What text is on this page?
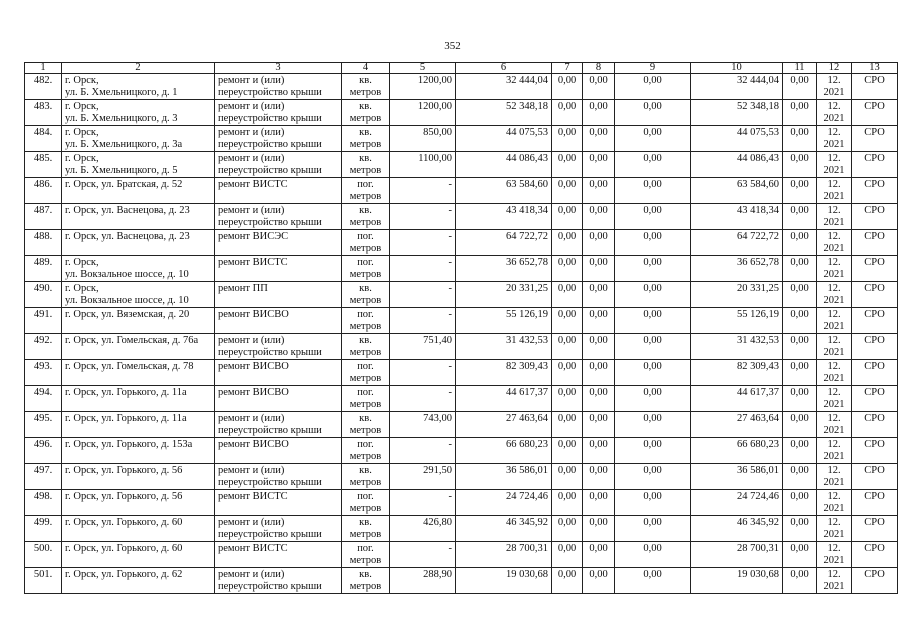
352
1	2	3	4	5	6	7	8	9	10	11	12	13
482.	г. Орск,
ул. Б. Хмельницкого, д. 1	ремонт и (или)
переустройство крыши	кв.
метров	1200,00	32 444,04	0,00	0,00	0,00	32 444,04	0,00	12.
2021	СРО
483.	г. Орск,
ул. Б. Хмельницкого, д. 3	ремонт и (или)
переустройство крыши	кв.
метров	1200,00	52 348,18	0,00	0,00	0,00	52 348,18	0,00	12.
2021	СРО
484.	г. Орск,
ул. Б. Хмельницкого, д. 3а	ремонт и (или)
переустройство крыши	кв.
метров	850,00	44 075,53	0,00	0,00	0,00	44 075,53	0,00	12.
2021	СРО
485.	г. Орск,
ул. Б. Хмельницкого, д. 5	ремонт и (или)
переустройство крыши	кв.
метров	1100,00	44 086,43	0,00	0,00	0,00	44 086,43	0,00	12.
2021	СРО
486.	г. Орск, ул. Братская, д. 52	ремонт ВИСТС	пог.
метров	-	63 584,60	0,00	0,00	0,00	63 584,60	0,00	12.
2021	СРО
487.	г. Орск, ул. Васнецова, д. 23	ремонт и (или)
переустройство крыши	кв.
метров	-	43 418,34	0,00	0,00	0,00	43 418,34	0,00	12.
2021	СРО
488.	г. Орск, ул. Васнецова, д. 23	ремонт ВИСЭС	пог.
метров	-	64 722,72	0,00	0,00	0,00	64 722,72	0,00	12.
2021	СРО
489.	г. Орск,
ул. Вокзальное шоссе, д. 10	ремонт ВИСТС	пог.
метров	-	36 652,78	0,00	0,00	0,00	36 652,78	0,00	12.
2021	СРО
490.	г. Орск,
ул. Вокзальное шоссе, д. 10	ремонт ПП	кв.
метров	-	20 331,25	0,00	0,00	0,00	20 331,25	0,00	12.
2021	СРО
491.	г. Орск, ул. Вяземская, д. 20	ремонт ВИСВО	пог.
метров	-	55 126,19	0,00	0,00	0,00	55 126,19	0,00	12.
2021	СРО
492.	г. Орск, ул. Гомельская, д. 76а	ремонт и (или)
переустройство крыши	кв.
метров	751,40	31 432,53	0,00	0,00	0,00	31 432,53	0,00	12.
2021	СРО
493.	г. Орск, ул. Гомельская, д. 78	ремонт ВИСВО	пог.
метров	-	82 309,43	0,00	0,00	0,00	82 309,43	0,00	12.
2021	СРО
494.	г. Орск, ул. Горького, д. 11а	ремонт ВИСВО	пог.
метров	-	44 617,37	0,00	0,00	0,00	44 617,37	0,00	12.
2021	СРО
495.	г. Орск, ул. Горького, д. 11а	ремонт и (или)
переустройство крыши	кв.
метров	743,00	27 463,64	0,00	0,00	0,00	27 463,64	0,00	12.
2021	СРО
496.	г. Орск, ул. Горького, д. 153а	ремонт ВИСВО	пог.
метров	-	66 680,23	0,00	0,00	0,00	66 680,23	0,00	12.
2021	СРО
497.	г. Орск, ул. Горького, д. 56	ремонт и (или)
переустройство крыши	кв.
метров	291,50	36 586,01	0,00	0,00	0,00	36 586,01	0,00	12.
2021	СРО
498.	г. Орск, ул. Горького, д. 56	ремонт ВИСТС	пог.
метров	-	24 724,46	0,00	0,00	0,00	24 724,46	0,00	12.
2021	СРО
499.	г. Орск, ул. Горького, д. 60	ремонт и (или)
переустройство крыши	кв.
метров	426,80	46 345,92	0,00	0,00	0,00	46 345,92	0,00	12.
2021	СРО
500.	г. Орск, ул. Горького, д. 60	ремонт ВИСТС	пог.
метров	-	28 700,31	0,00	0,00	0,00	28 700,31	0,00	12.
2021	СРО
501.	г. Орск, ул. Горького, д. 62	ремонт и (или)
переустройство крыши	кв.
метров	288,90	19 030,68	0,00	0,00	0,00	19 030,68	0,00	12.
2021	СРО
